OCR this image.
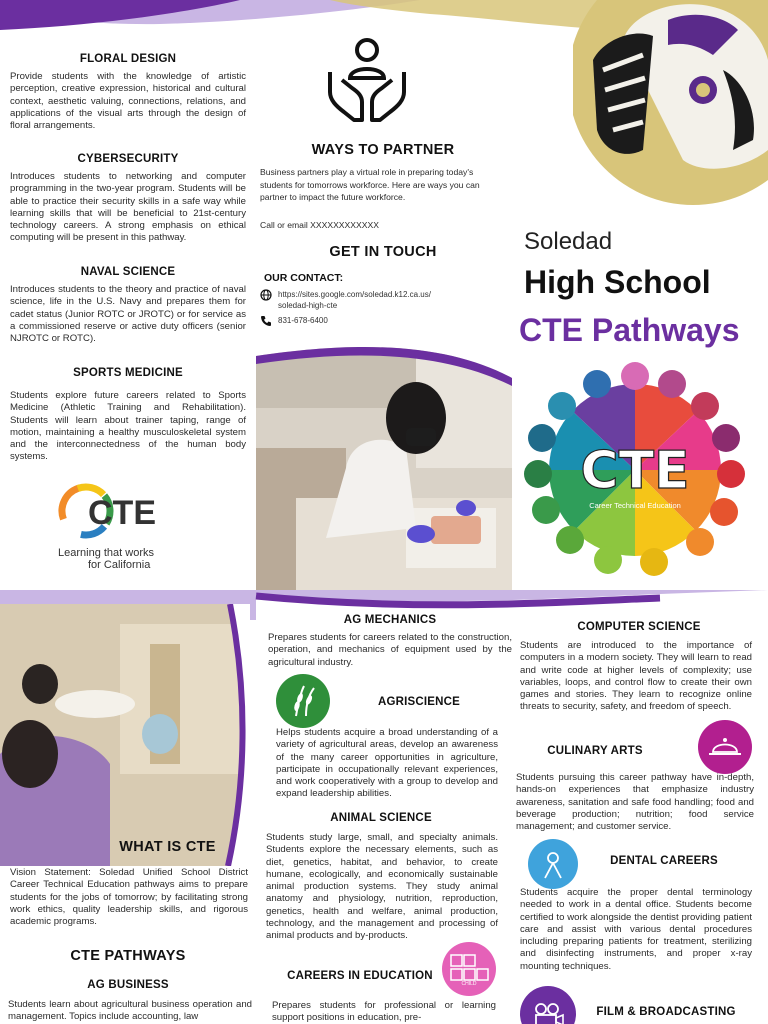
FLORAL DESIGN
Provide students with the knowledge of artistic perception, creative expression, historical and cultural context, aesthetic valuing, connections, relations, and applications of the visual arts through the design of floral arrangements.
CYBERSECURITY
Introduces students to networking and computer programming in the two-year program. Students will be able to practice their security skills in a safe way while learning skills that will be beneficial to 21st-century technology careers. A strong emphasis on ethical computing will be present in this pathway.
NAVAL SCIENCE
Introduces students to the theory and practice of naval science, life in the U.S. Navy and prepares them for cadet status (Junior ROTC or JROTC) or for service as a commissioned reserve or active duty officers (senior NJROTC or ROTC).
SPORTS MEDICINE
Students explore future careers related to Sports Medicine (Athletic Training and Rehabilitation). Students will learn about trainer taping, range of motion, maintaining a healthy musculoskeletal system and the interconnectedness of the human body systems.
CTE
Learning that works
for California
WAYS TO PARTNER
Business partners play a virtual role in preparing today's students for tomorrows workforce. Here are ways you can partner to impact the future workforce.
Call or email XXXXXXXXXXXX
GET IN TOUCH
OUR CONTACT:
https://sites.google.com/soledad.k12.ca.us/ soledad-high-cte
831-678-6400
Soledad
High School
CTE Pathways
CTE
Career Technical Education
WHAT IS CTE
Vision Statement: Soledad Unified School District Career Technical Education pathways aims to prepare students for the jobs of tomorrow; by facilitating strong work ethics, quality leadership skills, and rigorous academic programs.
CTE PATHWAYS
AG BUSINESS
Students learn about agricultural business operation and management. Topics include accounting, law
AG MECHANICS
Prepares students for careers related to the construction, operation, and mechanics of equipment used by the agricultural industry.
AGRISCIENCE
Helps students acquire a broad understanding of a variety of agricultural areas, develop an awareness of the many career opportunities in agriculture, participate in occupationally relevant experiences, and work cooperatively with a group to develop and expand leadership abilities.
ANIMAL SCIENCE
Students study large, small, and specialty animals. Students explore the necessary elements, such as diet, genetics, habitat, and behavior, to create humane, ecologically, and economically sustainable animal production systems. They study animal anatomy and physiology, nutrition, reproduction, genetics, health and welfare, animal production, technology, and the management and processing of animal products and by-products.
CAREERS IN EDUCATION
CHILD
Prepares students for professional or learning support positions in education, pre-
COMPUTER SCIENCE
Students are introduced to the importance of computers in a modern society. They will learn to read and write code at higher levels of complexity; use variables, loops, and control flow to create their own games and stories. They learn to recognize online threats to security, safety, and freedom of speech.
CULINARY ARTS
Students pursuing this career pathway have in-depth, hands-on experiences that emphasize industry awareness, sanitation and safe food handling; food and beverage production; nutrition; food service management; and customer service.
DENTAL CAREERS
Students acquire the proper dental terminology needed to work in a dental office. Students become certified to work alongside the dentist providing patient care and assist with various dental procedures including preparing patients for treatment, sterilizing and disinfecting instruments, and proper x-ray mounting techniques.
FILM & BROADCASTING
